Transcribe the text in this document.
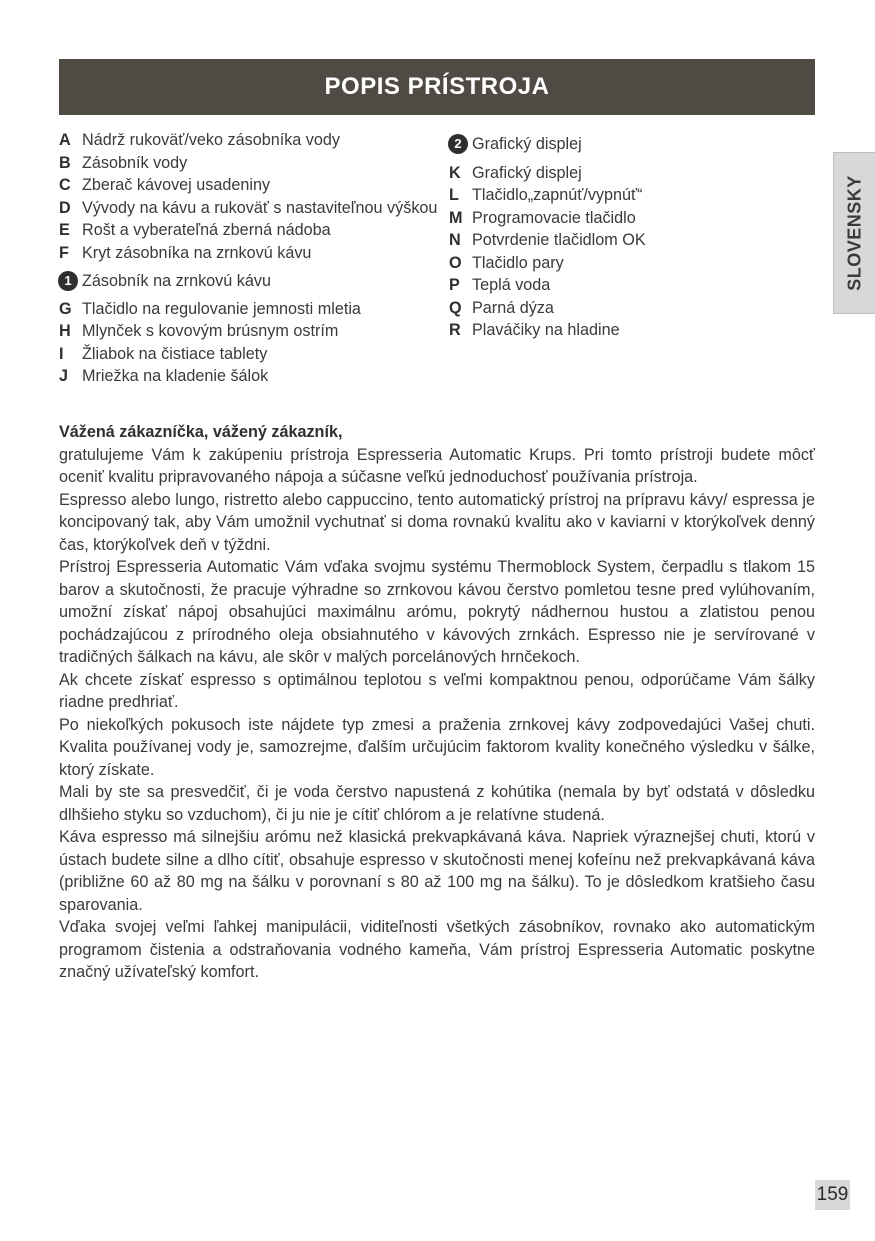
POPIS PRÍSTROJA
SLOVENSKY
A Nádrž rukoväť/veko zásobníka vody
B Zásobník vody
C Zberač kávovej usadeniny
D Vývody na kávu a rukoväť s nastaviteľnou výškou
E Rošt a vyberateľná zberná nádoba
F Kryt zásobníka na zrnkovú kávu
1 Zásobník na zrnkovú kávu
G Tlačidlo na regulovanie jemnosti mletia
H Mlynček s kovovým brúsnym ostrím
I	Žliabok na čistiace tablety
J Mriežka na kladenie šálok
2 Grafický displej
K Grafický displej
L Tlačidlo„zapnúť/vypnúť“
M Programovacie tlačidlo
N Potvrdenie tlačidlom OK
O Tlačidlo pary
P Teplá voda
Q Parná dýza
R Plaváčiky na hladine

Vážená zákazníčka, vážený zákazník,

gratulujeme Vám k zakúpeniu prístroja Espresseria Automatic Krups. Pri tomto prístroji budete môcť oceniť kvalitu pripravovaného nápoja a súčasne veľkú jednoduchosť používania prístroja.

Espresso alebo lungo, ristretto alebo cappuccino, tento automatický prístroj na prípravu kávy/ espressa je koncipovaný tak, aby Vám umožnil vychutnať si doma rovnakú kvalitu ako v kaviarni v ktorýkoľvek denný čas, ktorýkoľvek deň v týždni.

Prístroj Espresseria Automatic Vám vďaka svojmu systému Thermoblock System, čerpadlu s tlakom 15 barov a skutočnosti, že pracuje výhradne so zrnkovou kávou čerstvo pomletou tesne pred vylúhovaním, umožní získať nápoj obsahujúci maximálnu arómu, pokrytý nádhernou hustou a zlatistou penou pochádzajúcou z prírodného oleja obsiahnutého v kávových zrnkách. Espresso nie je servírované v tradičných šálkach na kávu, ale skôr v malých porcelánových hrnčekoch.

Ak chcete získať espresso s optimálnou teplotou s veľmi kompaktnou penou, odporúčame Vám šálky riadne predhriať.

Po niekoľkých pokusoch iste nájdete typ zmesi a praženia zrnkovej kávy zodpovedajúci Vašej chuti. Kvalita používanej vody je, samozrejme, ďalším určujúcim faktorom kvality konečného výsledku v šálke, ktorý získate.

Mali by ste sa presvedčiť, či je voda čerstvo napustená z kohútika (nemala by byť odstatá v dôsledku dlhšieho styku so vzduchom), či ju nie je cítiť chlórom a je relatívne studená.

Káva espresso má silnejšiu arómu než klasická prekvapkávaná káva. Napriek výraznejšej chuti, ktorú v ústach budete silne a dlho cítiť, obsahuje espresso v skutočnosti menej kofeínu než prekvapkávaná káva (približne 60 až 80 mg na šálku v porovnaní s 80 až 100 mg na šálku). To je dôsledkom kratšieho času sparovania.

Vďaka svojej veľmi ľahkej manipulácii, viditeľnosti všetkých zásobníkov, rovnako ako automatickým programom čistenia a odstraňovania vodného kameňa, Vám prístroj Espresseria Automatic poskytne značný užívateľský komfort.

159
